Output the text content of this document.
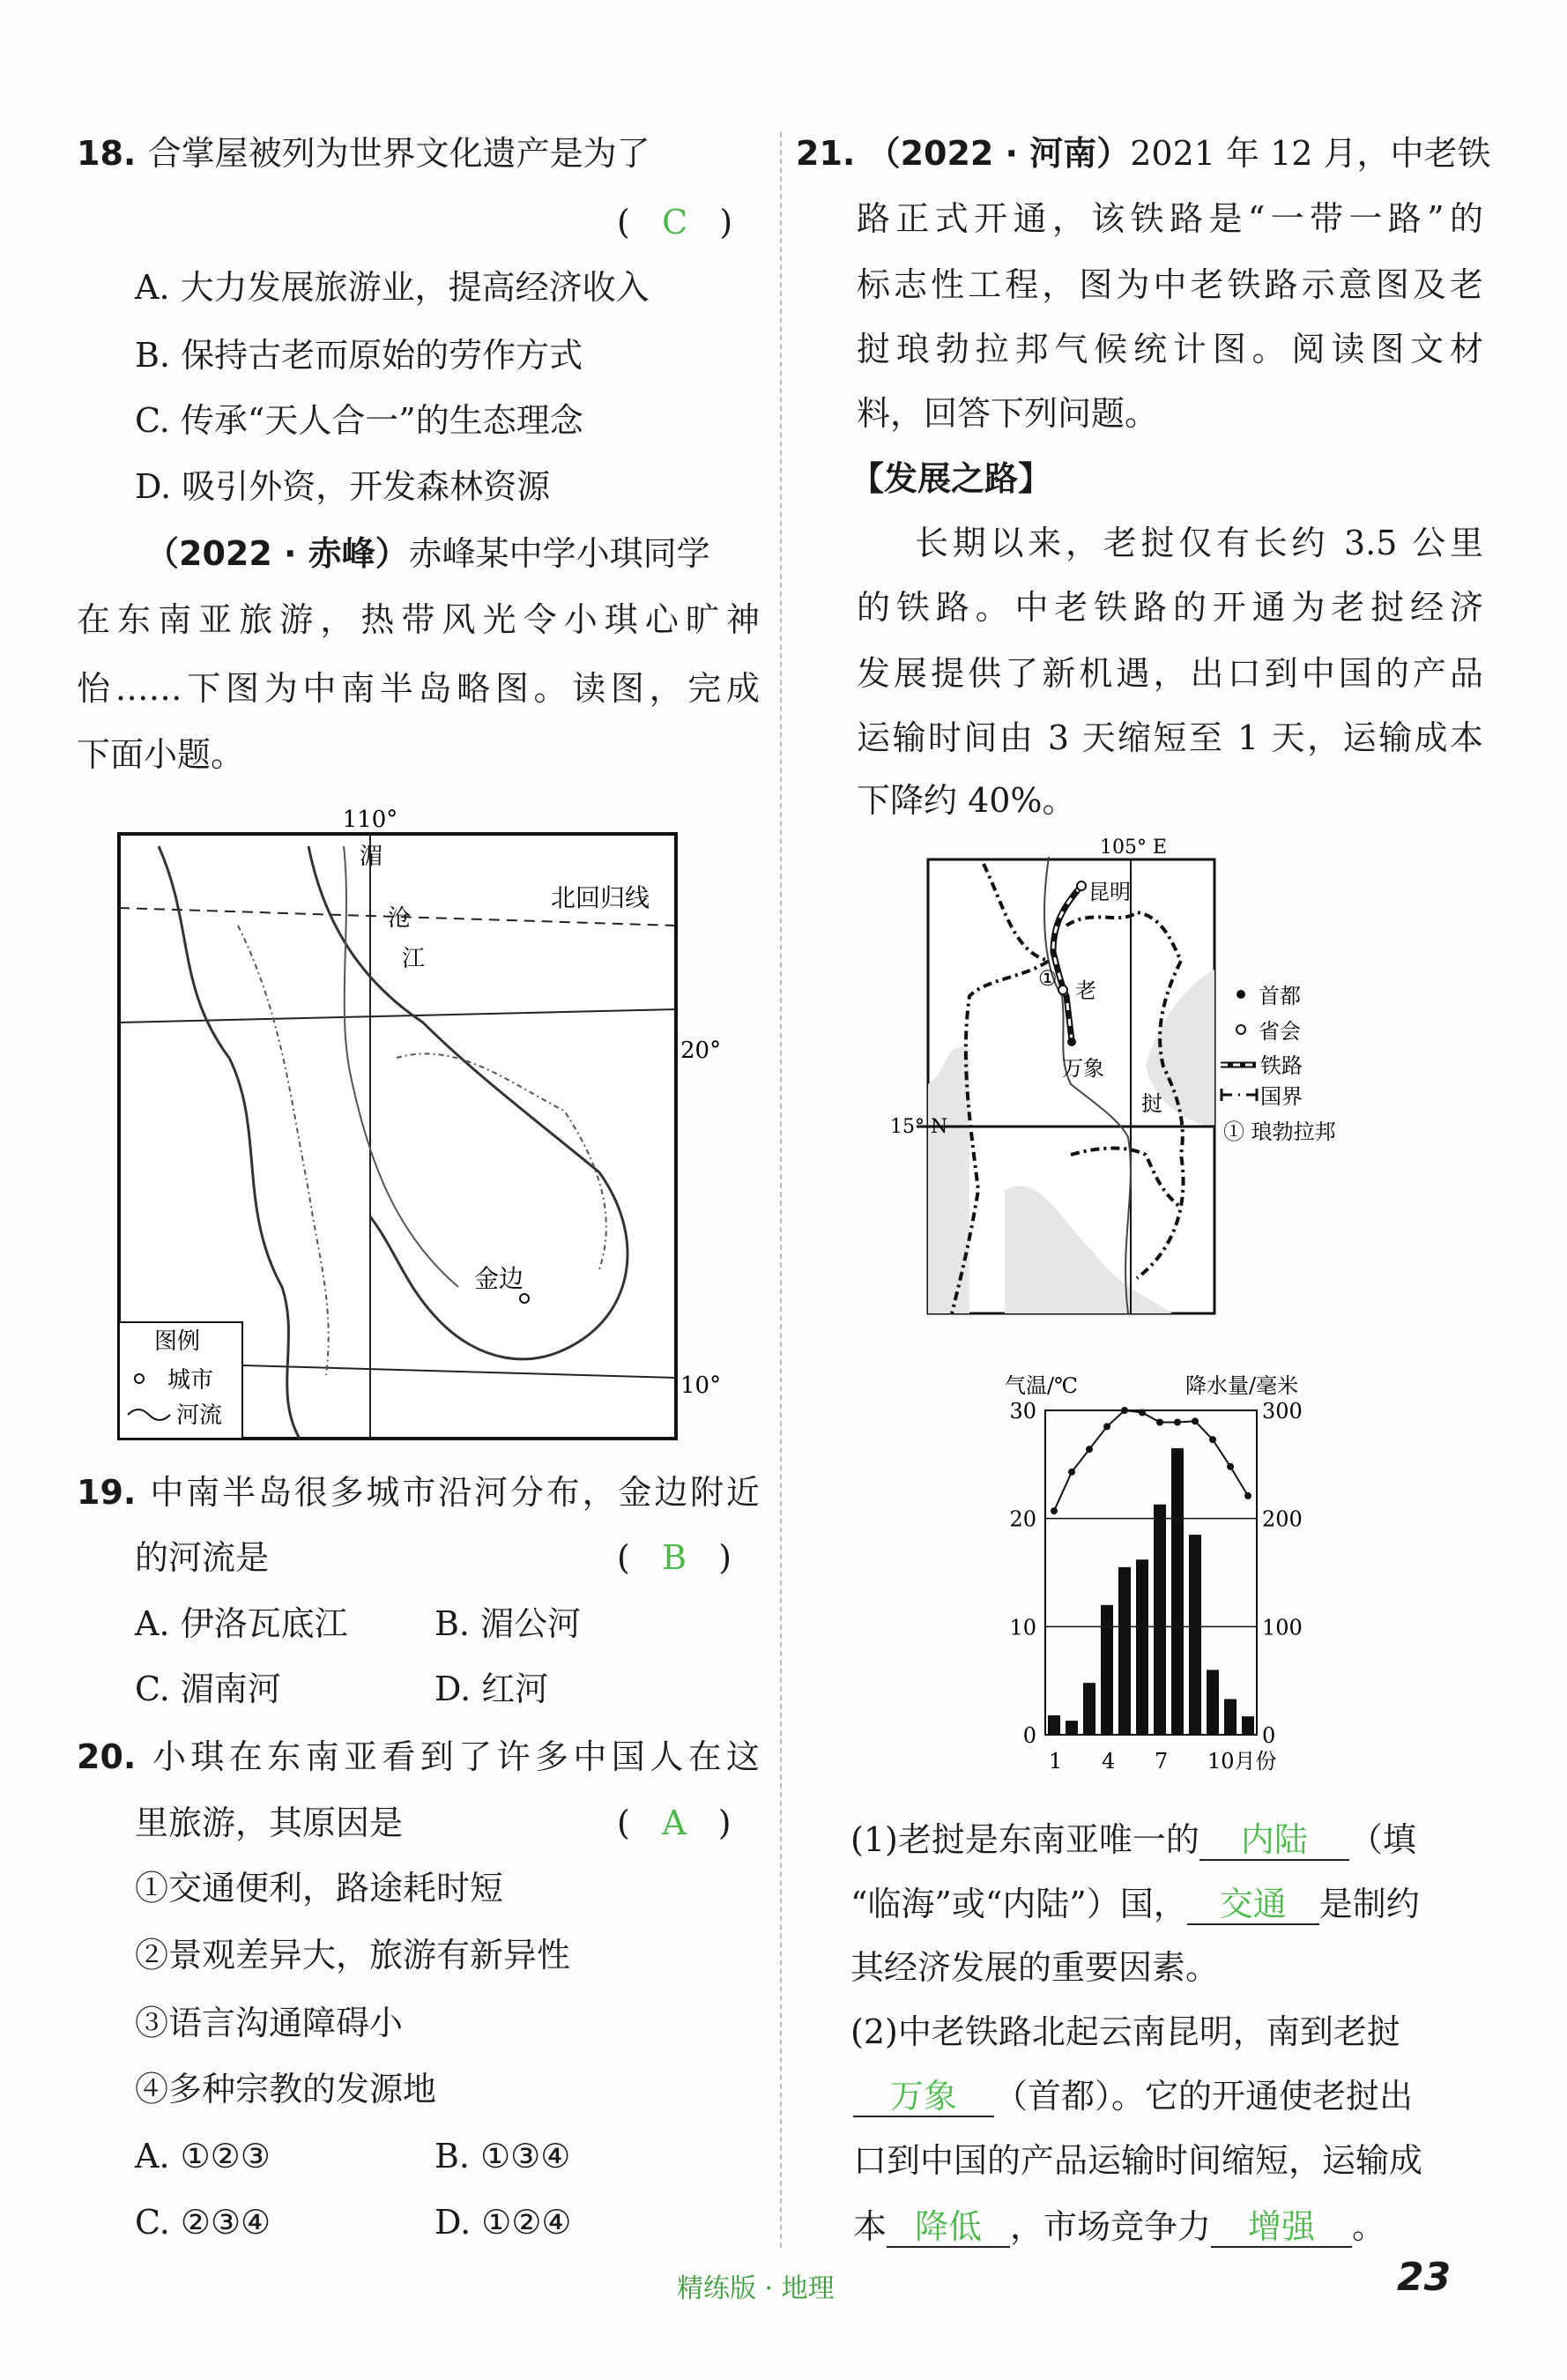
18. 合掌屋被列为世界文化遗产是为了
(   C   )
A. 大力发展旅游业，提高经济收入
B. 保持古老而原始的劳作方式
C. 传承“天人合一”的生态理念
D. 吸引外资，开发森林资源
（2022 · 赤峰）赤峰某中学小琪同学
在东南亚旅游，热带风光令小琪心旷神
怡……下图为中南半岛略图。读图，完成
下面小题。
110°
北回归线
20°
10°
金边
湄
沧
江
图例
城市
河流
19. 中南半岛很多城市沿河分布，金边附近
的河流是	(   B   )
A. 伊洛瓦底江	B. 湄公河
C. 湄南河	D. 红河
20. 小琪在东南亚看到了许多中国人在这
里旅游，其原因是	(   A   )
①交通便利，路途耗时短
②景观差异大，旅游有新异性
③语言沟通障碍小
④多种宗教的发源地
A. ①②③	B. ①③④
C. ②③④	D. ①②④
21. （2022 · 河南）2021 年 12 月，中老铁
路正式开通，该铁路是“一带一路”的
标志性工程，图为中老铁路示意图及老
挝琅勃拉邦气候统计图。阅读图文材
料，回答下列问题。
【发展之路】
长期以来，老挝仅有长约 3.5 公里
的铁路。中老铁路的开通为老挝经济
发展提供了新机遇，出口到中国的产品
运输时间由 3 天缩短至 1 天，运输成本
下降约 40%。
105° E
15° N
昆明
万象
老
挝
①
首都
省会
铁路
国界
① 琅勃拉邦
气温/℃	降水量/毫米
0
10
20
30
0
100
200
300
1 4 7 10月份
(1)老挝是东南亚唯一的 内陆 （填
“临海”或“内陆”）国， 交通 是制约
其经济发展的重要因素。
(2)中老铁路北起云南昆明，南到老挝
万象 （首都）。它的开通使老挝出
口到中国的产品运输时间缩短，运输成
本 降低 ，市场竞争力 增强 。
精练版 · 地理	23
